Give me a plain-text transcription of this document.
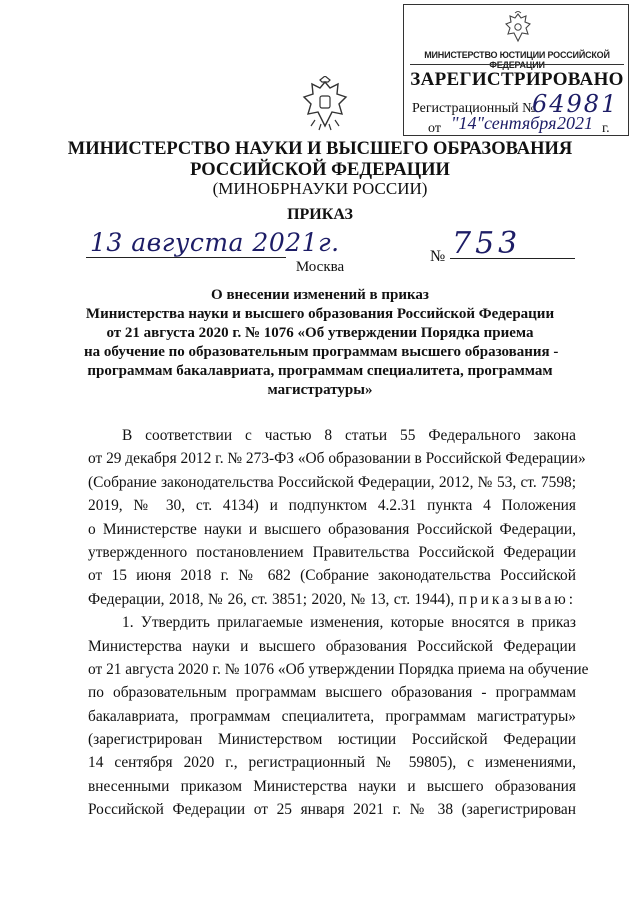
МИНИСТЕРСТВО ЮСТИЦИИ РОССИЙСКОЙ ФЕДЕРАЦИИ
ЗАРЕГИСТРИРОВАНО
Регистрационный №
64981
от "14" сентября 2021 г.
МИНИСТЕРСТВО НАУКИ И ВЫСШЕГО ОБРАЗОВАНИЯ
РОССИЙСКОЙ ФЕДЕРАЦИИ
(МИНОБРНАУКИ РОССИИ)
ПРИКАЗ
13 августа 2021г.	№ 753
Москва
О внесении изменений в приказ
Министерства науки и высшего образования Российской Федерации
от 21 августа 2020 г. № 1076 «Об утверждении Порядка приема
на обучение по образовательным программам высшего образования -
программам бакалавриата, программам специалитета, программам
магистратуры»
В соответствии с частью 8 статьи 55 Федерального закона
от 29 декабря 2012 г. № 273-ФЗ «Об образовании в Российской Федерации»
(Собрание законодательства Российской Федерации, 2012, № 53, ст. 7598;
2019, № 30, ст. 4134) и подпунктом 4.2.31 пункта 4 Положения
о Министерстве науки и высшего образования Российской Федерации,
утвержденного постановлением Правительства Российской Федерации
от 15 июня 2018 г. № 682 (Собрание законодательства Российской
Федерации, 2018, № 26, ст. 3851; 2020, № 13, ст. 1944), приказываю:
1. Утвердить прилагаемые изменения, которые вносятся в приказ
Министерства науки и высшего образования Российской Федерации
от 21 августа 2020 г. № 1076 «Об утверждении Порядка приема на обучение
по образовательным программам высшего образования - программам
бакалавриата, программам специалитета, программам магистратуры»
(зарегистрирован Министерством юстиции Российской Федерации
14 сентября 2020 г., регистрационный № 59805), с изменениями,
внесенными приказом Министерства науки и высшего образования
Российской Федерации от 25 января 2021 г. № 38 (зарегистрирован
